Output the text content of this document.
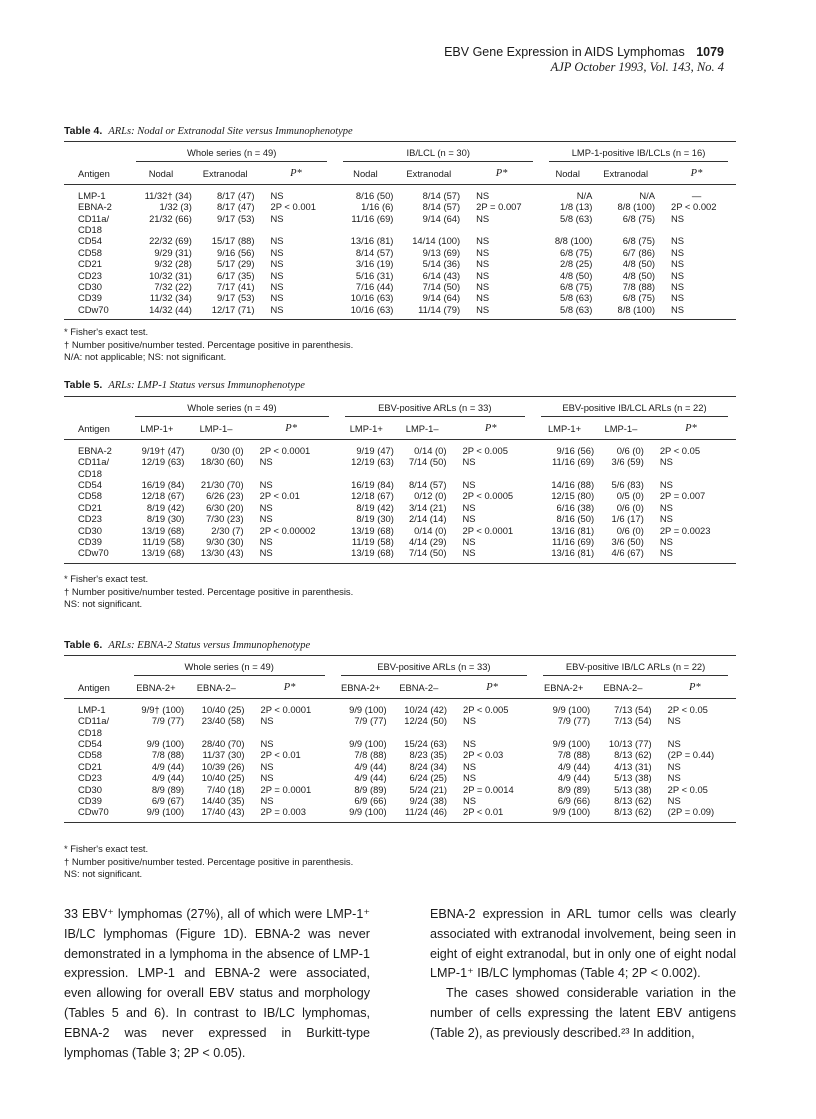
EBV Gene Expression in AIDS Lymphomas 1079
AJP October 1993, Vol. 143, No. 4
Table 4. ARLs: Nodal or Extranodal Site versus Immunophenotype

	Whole series (n = 49)			IB/LCL (n = 30)			LMP-1-positive IB/LCLs (n = 16)		

Antigen	Nodal	Extranodal	P*	Nodal	Extranodal	P*	Nodal	Extranodal	P*
LMP-1	11/32† (34)	8/17 (47)	NS	8/16 (50)	8/14 (57)	NS	N/A	N/A	—
EBNA-2	1/32 (3)	8/17 (47)	2P < 0.001	1/16 (6)	8/14 (57)	2P = 0.007	1/8 (13)	8/8 (100)	2P < 0.002
CD11a/	21/32 (66)	9/17 (53)	NS	11/16 (69)	9/14 (64)	NS	5/8 (63)	6/8 (75)	NS
CD18									
CD54	22/32 (69)	15/17 (88)	NS	13/16 (81)	14/14 (100)	NS	8/8 (100)	6/8 (75)	NS
CD58	9/29 (31)	9/16 (56)	NS	8/14 (57)	9/13 (69)	NS	6/8 (75)	6/7 (86)	NS
CD21	9/32 (28)	5/17 (29)	NS	3/16 (19)	5/14 (36)	NS	2/8 (25)	4/8 (50)	NS
CD23	10/32 (31)	6/17 (35)	NS	5/16 (31)	6/14 (43)	NS	4/8 (50)	4/8 (50)	NS
CD30	7/32 (22)	7/17 (41)	NS	7/16 (44)	7/14 (50)	NS	6/8 (75)	7/8 (88)	NS
CD39	11/32 (34)	9/17 (53)	NS	10/16 (63)	9/14 (64)	NS	5/8 (63)	6/8 (75)	NS
CDw70	14/32 (44)	12/17 (71)	NS	10/16 (63)	11/14 (79)	NS	5/8 (63)	8/8 (100)	NS
* Fisher's exact test.
† Number positive/number tested. Percentage positive in parenthesis.
N/A: not applicable; NS: not significant.
Table 5. ARLs: LMP-1 Status versus Immunophenotype

	Whole series (n = 49)			EBV-positive ARLs (n = 33)			EBV-positive IB/LCL ARLs (n = 22)		

Antigen	LMP-1+	LMP-1–	P*	LMP-1+	LMP-1–	P*	LMP-1+	LMP-1–	P*
EBNA-2	9/19† (47)	0/30 (0)	2P < 0.0001	9/19 (47)	0/14 (0)	2P < 0.005	9/16 (56)	0/6 (0)	2P < 0.05
CD11a/	12/19 (63)	18/30 (60)	NS	12/19 (63)	7/14 (50)	NS	11/16 (69)	3/6 (59)	NS
CD18									
CD54	16/19 (84)	21/30 (70)	NS	16/19 (84)	8/14 (57)	NS	14/16 (88)	5/6 (83)	NS
CD58	12/18 (67)	6/26 (23)	2P < 0.01	12/18 (67)	0/12 (0)	2P < 0.0005	12/15 (80)	0/5 (0)	2P = 0.007
CD21	8/19 (42)	6/30 (20)	NS	8/19 (42)	3/14 (21)	NS	6/16 (38)	0/6 (0)	NS
CD23	8/19 (30)	7/30 (23)	NS	8/19 (30)	2/14 (14)	NS	8/16 (50)	1/6 (17)	NS
CD30	13/19 (68)	2/30 (7)	2P < 0.00002	13/19 (68)	0/14 (0)	2P < 0.0001	13/16 (81)	0/6 (0)	2P = 0.0023
CD39	11/19 (58)	9/30 (30)	NS	11/19 (58)	4/14 (29)	NS	11/16 (69)	3/6 (50)	NS
CDw70	13/19 (68)	13/30 (43)	NS	13/19 (68)	7/14 (50)	NS	13/16 (81)	4/6 (67)	NS
* Fisher's exact test.
† Number positive/number tested. Percentage positive in parenthesis.
NS: not significant.
Table 6. ARLs: EBNA-2 Status versus Immunophenotype

	Whole series (n = 49)			EBV-positive ARLs (n = 33)			EBV-positive IB/LC ARLs (n = 22)		

Antigen	EBNA-2+	EBNA-2–	P*	EBNA-2+	EBNA-2–	P*	EBNA-2+	EBNA-2–	P*
LMP-1	9/9† (100)	10/40 (25)	2P < 0.0001	9/9 (100)	10/24 (42)	2P < 0.005	9/9 (100)	7/13 (54)	2P < 0.05
CD11a/	7/9 (77)	23/40 (58)	NS	7/9 (77)	12/24 (50)	NS	7/9 (77)	7/13 (54)	NS
CD18									
CD54	9/9 (100)	28/40 (70)	NS	9/9 (100)	15/24 (63)	NS	9/9 (100)	10/13 (77)	NS
CD58	7/8 (88)	11/37 (30)	2P < 0.01	7/8 (88)	8/23 (35)	2P < 0.03	7/8 (88)	8/13 (62)	(2P = 0.44)
CD21	4/9 (44)	10/39 (26)	NS	4/9 (44)	8/24 (34)	NS	4/9 (44)	4/13 (31)	NS
CD23	4/9 (44)	10/40 (25)	NS	4/9 (44)	6/24 (25)	NS	4/9 (44)	5/13 (38)	NS
CD30	8/9 (89)	7/40 (18)	2P = 0.0001	8/9 (89)	5/24 (21)	2P = 0.0014	8/9 (89)	5/13 (38)	2P < 0.05
CD39	6/9 (67)	14/40 (35)	NS	6/9 (66)	9/24 (38)	NS	6/9 (66)	8/13 (62)	NS
CDw70	9/9 (100)	17/40 (43)	2P = 0.003	9/9 (100)	11/24 (46)	2P < 0.01	9/9 (100)	8/13 (62)	(2P = 0.09)
* Fisher's exact test.
† Number positive/number tested. Percentage positive in parenthesis.
NS: not significant.

33 EBV⁺ lymphomas (27%), all of which were LMP-1⁺ IB/LC lymphomas (Figure 1D). EBNA-2 was never demonstrated in a lymphoma in the absence of LMP-1 expression. LMP-1 and EBNA-2 were associated, even allowing for overall EBV status and morphology (Tables 5 and 6). In contrast to IB/LC lymphomas, EBNA-2 was never expressed in Burkitt-type lymphomas (Table 3; 2P < 0.05).

EBNA-2 expression in ARL tumor cells was clearly associated with extranodal involvement, being seen in eight of eight extranodal, but in only one of eight nodal LMP-1⁺ IB/LC lymphomas (Table 4; 2P < 0.002).

The cases showed considerable variation in the number of cells expressing the latent EBV antigens (Table 2), as previously described.²³ In addition,
